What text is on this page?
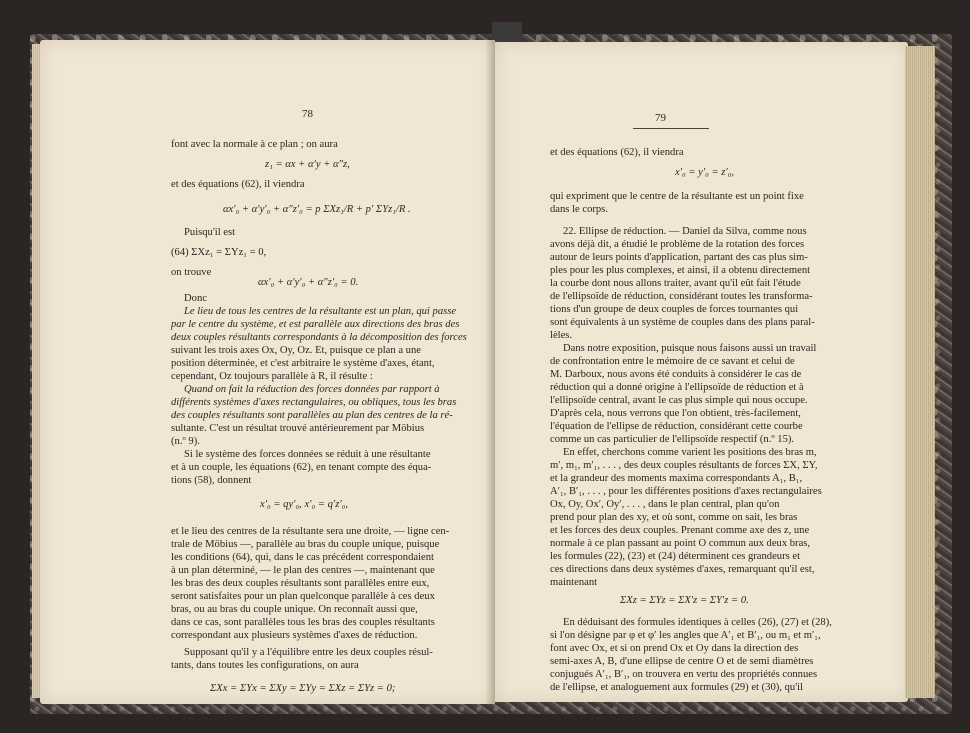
78
font avec la normale à ce plan ; on aura
z₁ = αx + α′y + α″z,
et des équations (62), il viendra
αx′₀ + α′y′₀ + α″z′₀ = p ΣXz₁/R + p′ ΣYz₁/R .
Puisqu'il est
(64) ΣXz₁ = ΣYz₁ = 0,
on trouve
αx′₀ + α′y′₀ + α″z′₀ = 0.
Donc
Le lieu de tous les centres de la résultante est un plan, qui passe
par le centre du système, et est parallèle aux directions des bras des
deux couples résultants correspondants à la décomposition des forces
suivant les trois axes Ox, Oy, Oz. Et, puisque ce plan a une
position déterminée, et c'est arbitraire le système d'axes, étant,
cependant, Oz toujours parallèle à R, il résulte :
Quand on fait la réduction des forces données par rapport à
différents systèmes d'axes rectangulaires, ou obliques, tous les bras
des couples résultants sont parallèles au plan des centres de la ré-
sultante. C'est un résultat trouvé antérieurement par Möbius
(n.º 9).
Si le système des forces données se réduit à une résultante
et à un couple, les équations (62), en tenant compte des équa-
tions (58), donnent
x′₀ = qy′₀, x′₀ = q′z′₀,
et le lieu des centres de la résultante sera une droite, — ligne cen-
trale de Möbius —, parallèle au bras du couple unique, puisque
les conditions (64), qui, dans le cas précédent correspondaient
à un plan déterminé, — le plan des centres —, maintenant que
les bras des deux couples résultants sont parallèles entre eux,
seront satisfaites pour un plan quelconque parallèle à ces deux
bras, ou au bras du couple unique. On reconnaît aussi que,
dans ce cas, sont parallèles tous les bras des couples résultants
correspondant aux plusieurs systèmes d'axes de réduction.
Supposant qu'il y a l'équilibre entre les deux couples résul-
tants, dans toutes les configurations, on aura
ΣXx = ΣYx = ΣXy = ΣYy = ΣXz = ΣYz = 0;
79
et des équations (62), il viendra
x′₀ = y′₀ = z′₀,
qui expriment que le centre de la résultante est un point fixe
dans le corps.
22. Ellipse de réduction. — Daniel da Silva, comme nous
avons déjà dit, a étudié le problème de la rotation des forces
autour de leurs points d'application, partant des cas plus sim-
ples pour les plus complexes, et ainsi, il a obtenu directement
la courbe dont nous allons traiter, avant qu'il eût fait l'étude
de l'ellipsoïde de réduction, considérant toutes les transforma-
tions d'un groupe de deux couples de forces tournantes qui
sont équivalents à un système de couples dans des plans paral-
lèles.
Dans notre exposition, puisque nous faisons aussi un travail
de confrontation entre le mémoire de ce savant et celui de
M. Darboux, nous avons été conduits à considérer le cas de
réduction qui a donné origine à l'ellipsoïde de réduction et à
l'ellipsoïde central, avant le cas plus simple qui nous occupe.
D'après cela, nous verrons que l'on obtient, très-facilement,
l'équation de l'ellipse de réduction, considérant cette courbe
comme un cas particulier de l'ellipsoïde respectif (n.º 15).
En effet, cherchons comme varient les positions des bras m,
m′, m₁, m′₁, . . . , des deux couples résultants de forces ΣX, ΣY,
et la grandeur des moments maxima correspondants A₁, B₁,
A′₁, B′₁, . . . , pour les différentes positions d'axes rectangulaires
Ox, Oy, Ox′, Oy′, . . . , dans le plan central, plan qu'on
prend pour plan des xy, et où sont, comme on sait, les bras
et les forces des deux couples. Prenant comme axe des z, une
normale à ce plan passant au point O commun aux deux bras,
les formules (22), (23) et (24) déterminent ces grandeurs et
ces directions dans deux systèmes d'axes, remarquant qu'il est,
maintenant
ΣXz = ΣYz = ΣX′z = ΣY′z = 0.
En déduisant des formules identiques à celles (26), (27) et (28),
si l'on désigne par φ et φ′ les angles que A′₁ et B′₁, ou m₁ et m′₁,
font avec Ox, et si on prend Ox et Oy dans la direction des
semi-axes A, B, d'une ellipse de centre O et de semi diamètres
conjugués A′₁, B′₁, on trouvera en vertu des propriétés connues
de l'ellipse, et analoguement aux formules (29) et (30), qu'il
